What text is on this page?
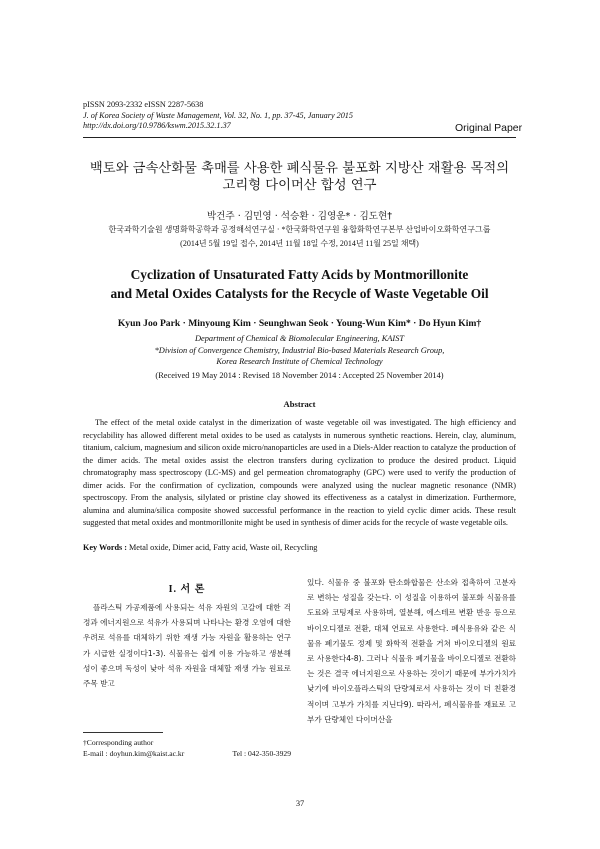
pISSN 2093-2332 eISSN 2287-5638
J. of Korea Society of Waste Management, Vol. 32, No. 1, pp. 37-45, January 2015
http://dx.doi.org/10.9786/kswm.2015.32.1.37	Original Paper
백토와 금속산화물 촉매를 사용한 폐식물유 불포화 지방산 재활용 목적의
고리형 다이머산 합성 연구
박건주 · 김민영 · 석승환 · 김영운* · 김도현†
한국과학기술원 생명화학공학과 공정해석연구실 · *한국화학연구원 융합화학연구본부 산업바이오화학연구그룹
(2014년 5월 19일 접수, 2014년 11월 18일 수정, 2014년 11월 25일 채택)
Cyclization of Unsaturated Fatty Acids by Montmorillonite
and Metal Oxides Catalysts for the Recycle of Waste Vegetable Oil
Kyun Joo Park · Minyoung Kim · Seunghwan Seok · Young-Wun Kim* · Do Hyun Kim†
Department of Chemical & Biomolecular Engineering, KAIST
*Division of Convergence Chemistry, Industrial Bio-based Materials Research Group,
Korea Research Institute of Chemical Technology
(Received 19 May 2014 : Revised 18 November 2014 : Accepted 25 November 2014)
Abstract

The effect of the metal oxide catalyst in the dimerization of waste vegetable oil was investigated. The high efficiency and recyclability has allowed different metal oxides to be used as catalysts in numerous synthetic reactions. Herein, clay, aluminum, titanium, calcium, magnesium and silicon oxide micro/nanoparticles are used in a Diels-Alder reaction to catalyze the production of the dimer acids. The metal oxides assist the electron transfers during cyclization to produce the desired product. Liquid chromatography mass spectroscopy (LC-MS) and gel permeation chromatography (GPC) were used to verify the production of dimer acids. For the confirmation of cyclization, compounds were analyzed using the nuclear magnetic resonance (NMR) spectroscopy. From the analysis, silylated or pristine clay showed its effectiveness as a catalyst in dimerization. Furthermore, alumina and alumina/silica composite showed successful performance in the reaction to yield cyclic dimer acids. These result suggested that metal oxides and montmorillonite might be used in synthesis of dimer acids for the recycle of waste vegetable oils.

Key Words : Metal oxide, Dimer acid, Fatty acid, Waste oil, Recycling
I. 서 론

플라스틱 가공제품에 사용되는 석유 자원의 고갈에 대한 걱정과 에너지원으로 석유가 사용되며 나타나는 환경 오염에 대한 우려로 석유를 대체하기 위한 재생 가능 자원을 활용하는 연구가 시급한 실정이다1-3). 식물유는 쉽게 이용 가능하고 생분해성이 좋으며 독성이 낮아 석유 자원을 대체할 재생 가능 원료로 주목 받고

있다. 식물유 중 불포화 탄소화합물은 산소와 접촉하여 고분자로 변하는 성질을 갖는다. 이 성질을 이용하여 불포화 식물유를 도료와 코팅제로 사용하며, 열분해, 에스테르 변환 반응 등으로 바이오디젤로 전환, 대체 연료로 사용한다. 폐식용유와 같은 식물유 폐기물도 정제 및 화학적 전환을 거쳐 바이오디젤의 원료로 사용한다4-8). 그러나 식물유 폐기물을 바이오디젤로 전환하는 것은 결국 에너지원으로 사용하는 것이기 때문에 부가가치가 낮기에 바이오플라스틱의 단량체로서 사용하는 것이 더 친환경적이며 고부가 가치를 지닌다9). 따라서, 폐식물유를 재료로 고부가 단량체인 다이머산을

†Corresponding author
E-mail : doyhun.kim@kaist.ac.kr	Tel : 042-350-3929
37
